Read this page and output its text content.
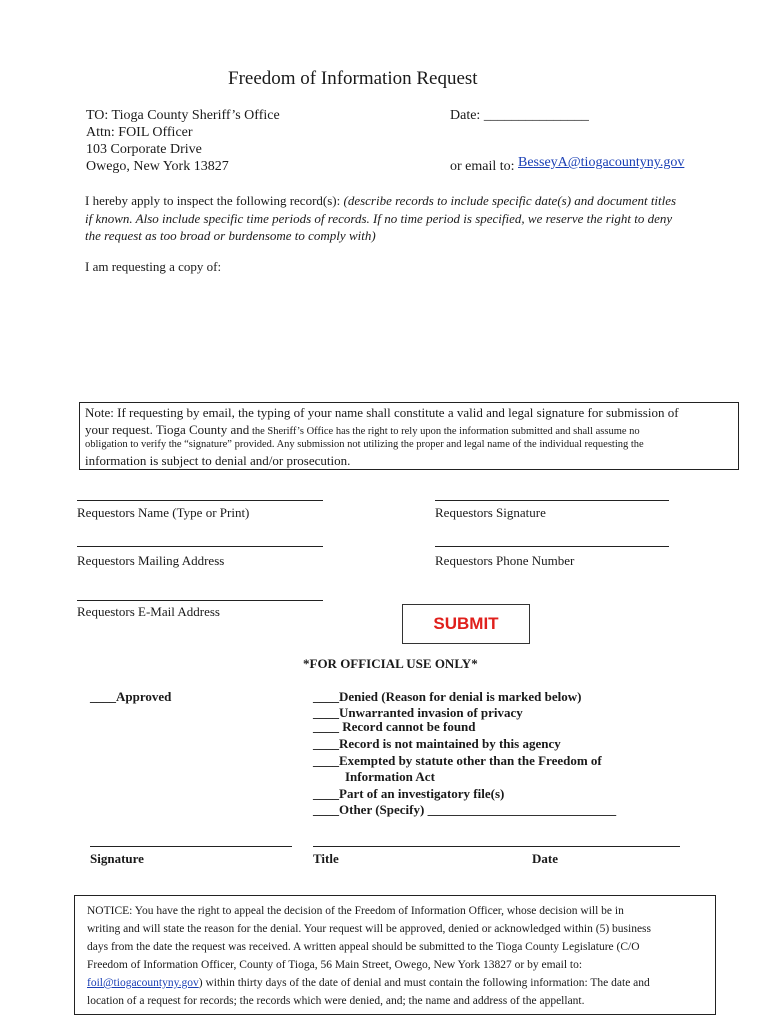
Freedom of Information Request
TO: Tioga County Sheriff’s Office
Attn: FOIL Officer
103 Corporate Drive
Owego, New York 13827
Date: _______________
or email to: BesseyA@tiogacountyny.gov
I hereby apply to inspect the following record(s): (describe records to include specific date(s) and document titles
if known. Also include specific time periods of records. If no time period is specified, we reserve the right to deny
the request as too broad or burdensome to comply with)
I am requesting a copy of:
Note: If requesting by email, the typing of your name shall constitute a valid and legal signature for submission of
your request. Tioga County and the Sheriff’s Office has the right to rely upon the information submitted and shall assume no
obligation to verify the “signature” provided. Any submission not utilizing the proper and legal name of the individual requesting the
information is subject to denial and/or prosecution.
Requestors Name (Type or Print)	Requestors Signature
Requestors Mailing Address	Requestors Phone Number
Requestors E-Mail Address
SUBMIT
*FOR OFFICIAL USE ONLY*
____Approved	____Denied (Reason for denial is marked below)
____Unwarranted invasion of privacy
____ Record cannot be found
____Record is not maintained by this agency
____Exempted by statute other than the Freedom of
Information Act
____Part of an investigatory file(s)
____Other (Specify) _____________________________
Signature	Title	Date
NOTICE: You have the right to appeal the decision of the Freedom of Information Officer, whose decision will be in
writing and will state the reason for the denial. Your request will be approved, denied or acknowledged within (5) business
days from the date the request was received. A written appeal should be submitted to the Tioga County Legislature (C/O
Freedom of Information Officer, County of Tioga, 56 Main Street, Owego, New York 13827 or by email to:
foil@tiogacountyny.gov) within thirty days of the date of denial and must contain the following information: The date and
location of a request for records; the records which were denied, and; the name and address of the appellant.
